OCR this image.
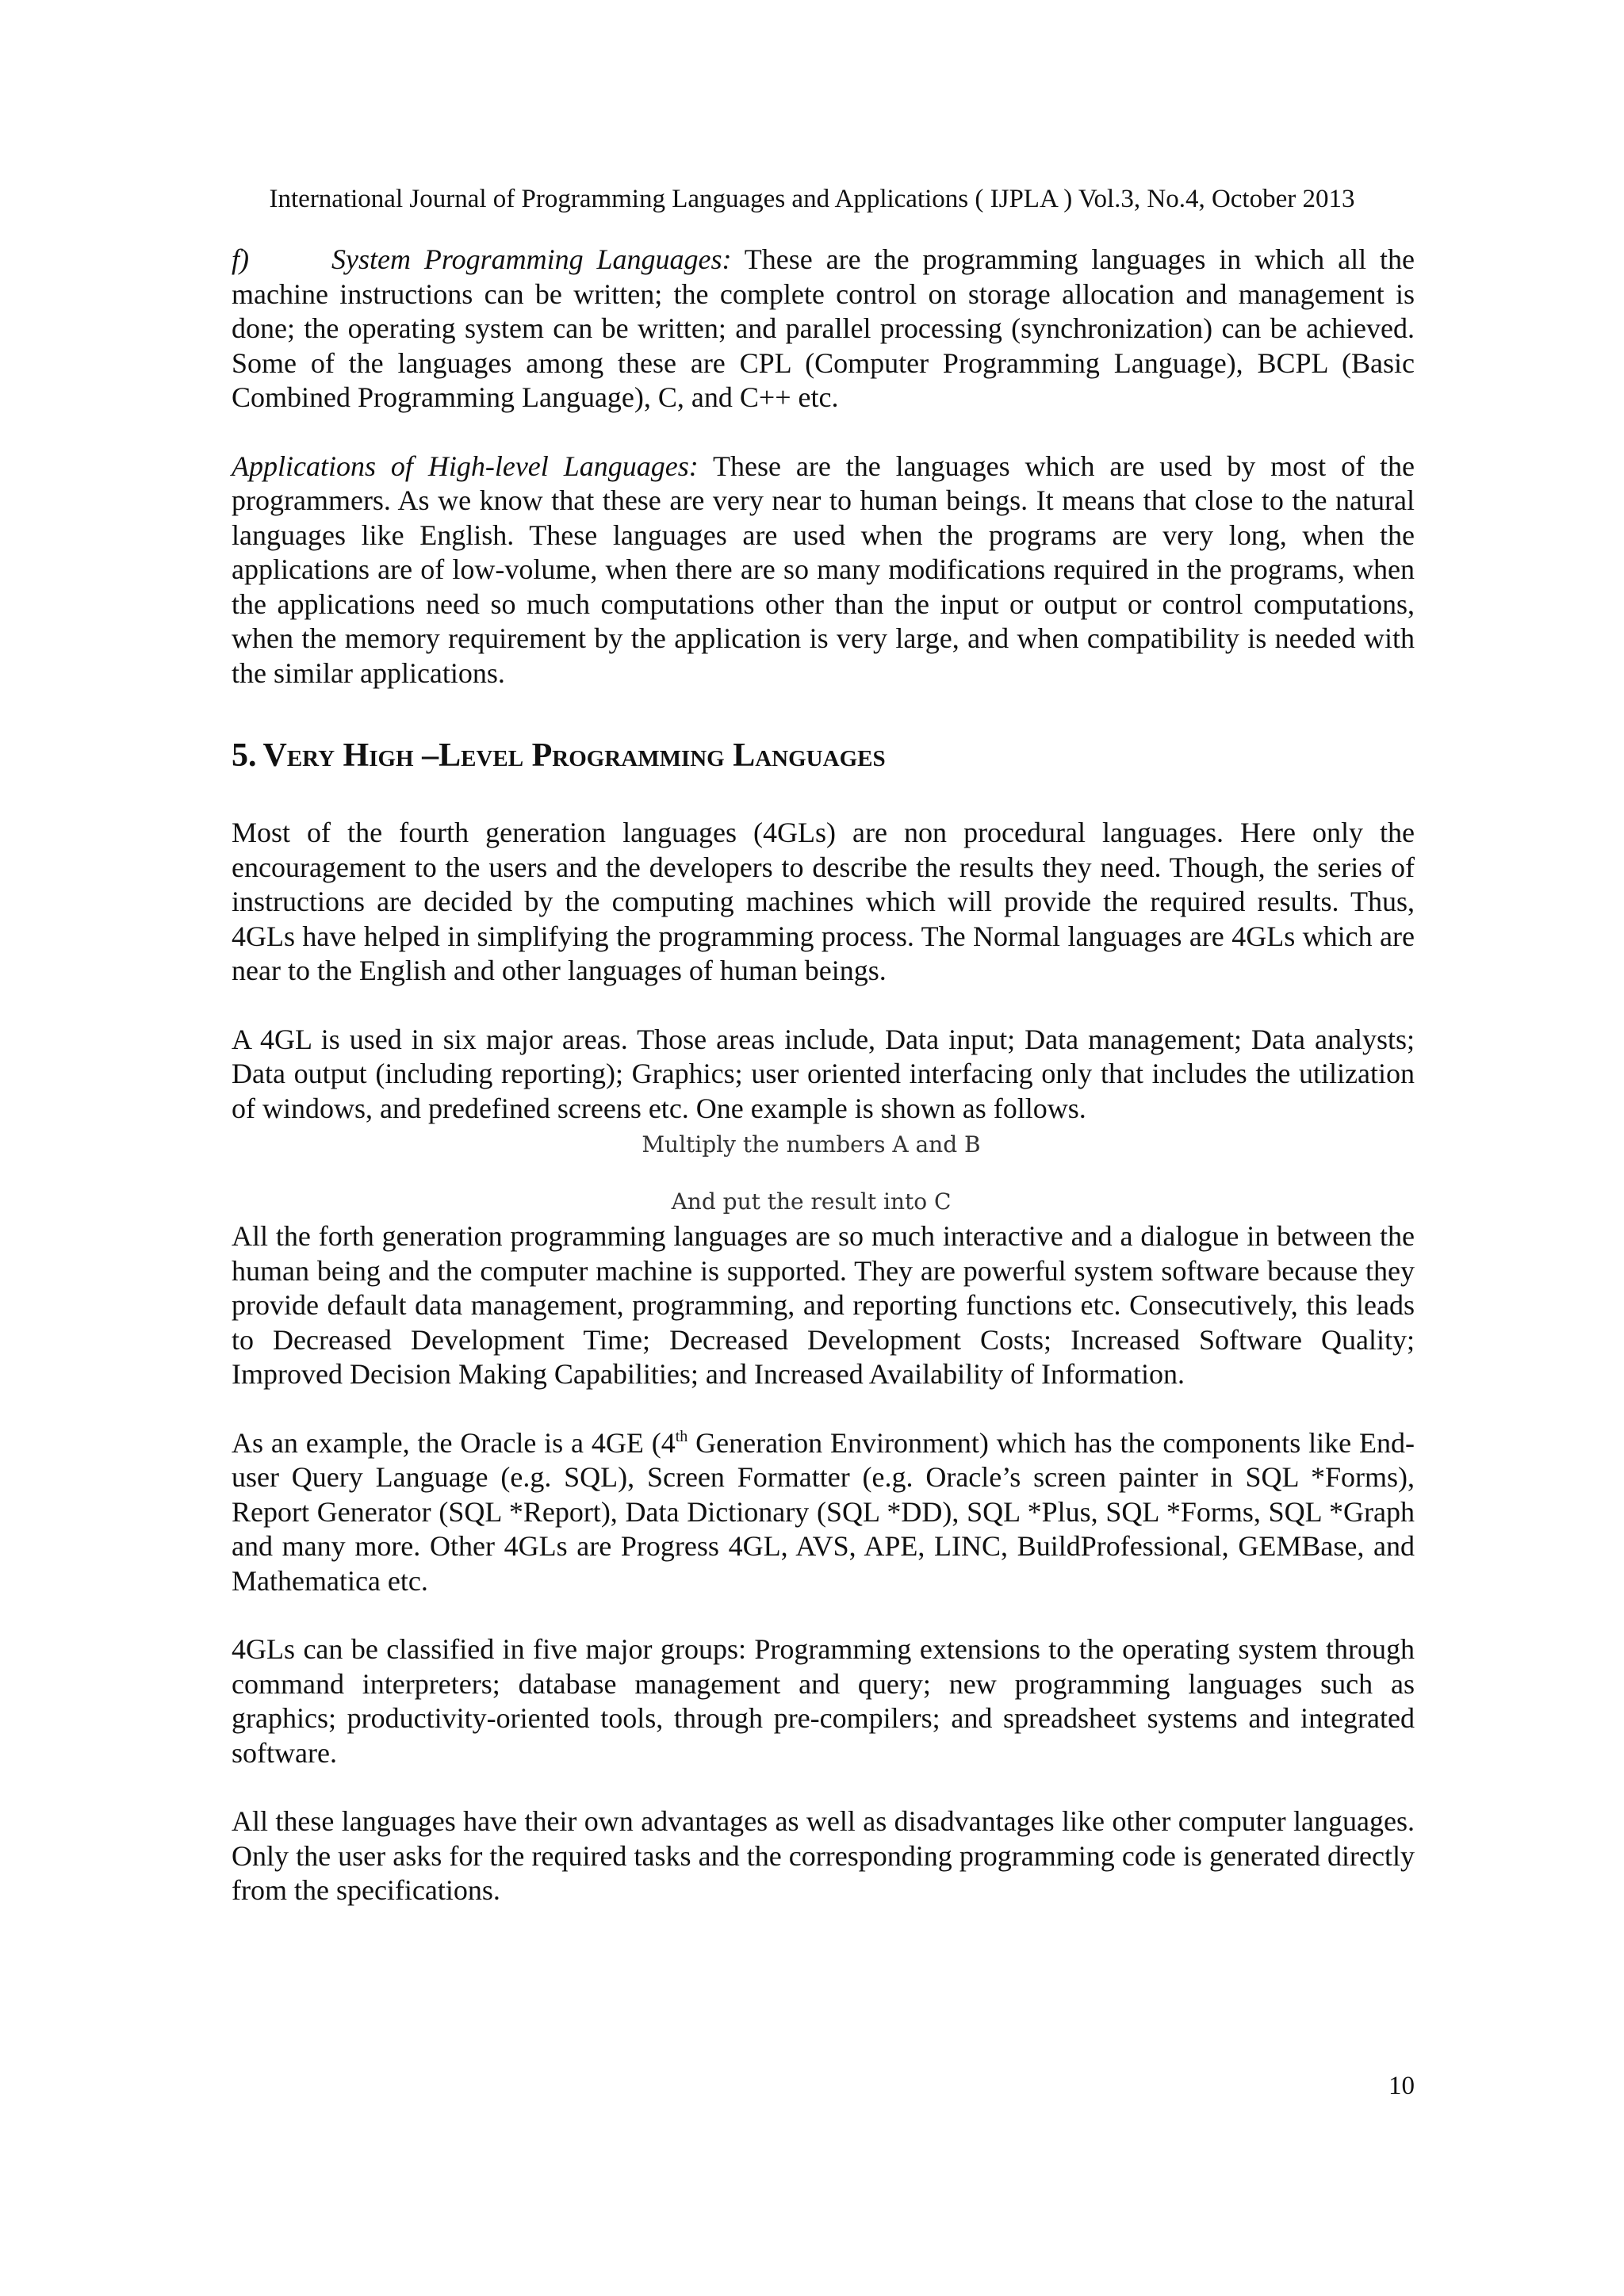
International Journal of Programming Languages and Applications ( IJPLA ) Vol.3, No.4, October 2013

f)	System Programming Languages: These are the programming languages in which all the machine instructions can be written; the complete control on storage allocation and management is done; the operating system can be written; and parallel processing (synchronization) can be achieved. Some of the languages among these are CPL (Computer Programming Language), BCPL (Basic Combined Programming Language), C, and C++ etc.

Applications of High-level Languages: These are the languages which are used by most of the programmers. As we know that these are very near to human beings. It means that close to the natural languages like English. These languages are used when the programs are very long, when the applications are of low-volume, when there are so many modifications required in the programs, when the applications need so much computations other than the input or output or control computations, when the memory requirement by the application is very large, and when compatibility is needed with the similar applications.

5. Very High –Level Programming Languages

Most of the fourth generation languages (4GLs) are non procedural languages. Here only the encouragement to the users and the developers to describe the results they need. Though, the series of instructions are decided by the computing machines which will provide the required results. Thus, 4GLs have helped in simplifying the programming process. The Normal languages are 4GLs which are near to the English and other languages of human beings.

A 4GL is used in six major areas. Those areas include, Data input; Data management; Data analysts; Data output (including reporting); Graphics; user oriented interfacing only that includes the utilization of windows, and predefined screens etc. One example is shown as follows.

Multiply the numbers A and B
And put the result into C

All the forth generation programming languages are so much interactive and a dialogue in between the human being and the computer machine is supported. They are powerful system software because they provide default data management, programming, and reporting functions etc. Consecutively, this leads to Decreased Development Time; Decreased Development Costs; Increased Software Quality; Improved Decision Making Capabilities; and Increased Availability of Information.

As an example, the Oracle is a 4GE (4th Generation Environment) which has the components like End-user Query Language (e.g. SQL), Screen Formatter (e.g. Oracle’s screen painter in SQL *Forms), Report Generator (SQL *Report), Data Dictionary (SQL *DD), SQL *Plus, SQL *Forms, SQL *Graph and many more. Other 4GLs are Progress 4GL, AVS, APE, LINC, BuildProfessional, GEMBase, and Mathematica etc.

4GLs can be classified in five major groups: Programming extensions to the operating system through command interpreters; database management and query; new programming languages such as graphics; productivity-oriented tools, through pre-compilers; and spreadsheet systems and integrated software.

All these languages have their own advantages as well as disadvantages like other computer languages. Only the user asks for the required tasks and the corresponding programming code is generated directly from the specifications.

10
